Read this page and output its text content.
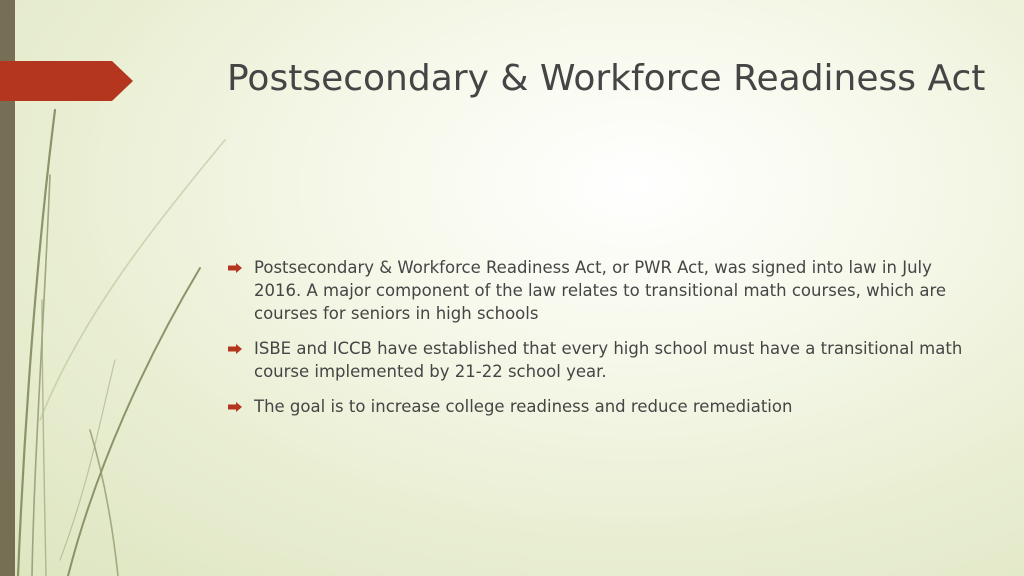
Postsecondary & Workforce Readiness Act
Postsecondary & Workforce Readiness Act, or PWR Act, was signed into law in July 2016. A major component of the law relates to transitional math courses, which are courses for seniors in high schools
ISBE and ICCB have established that every high school must have a transitional math course implemented by 21-22 school year.
The goal is to increase college readiness and reduce remediation
